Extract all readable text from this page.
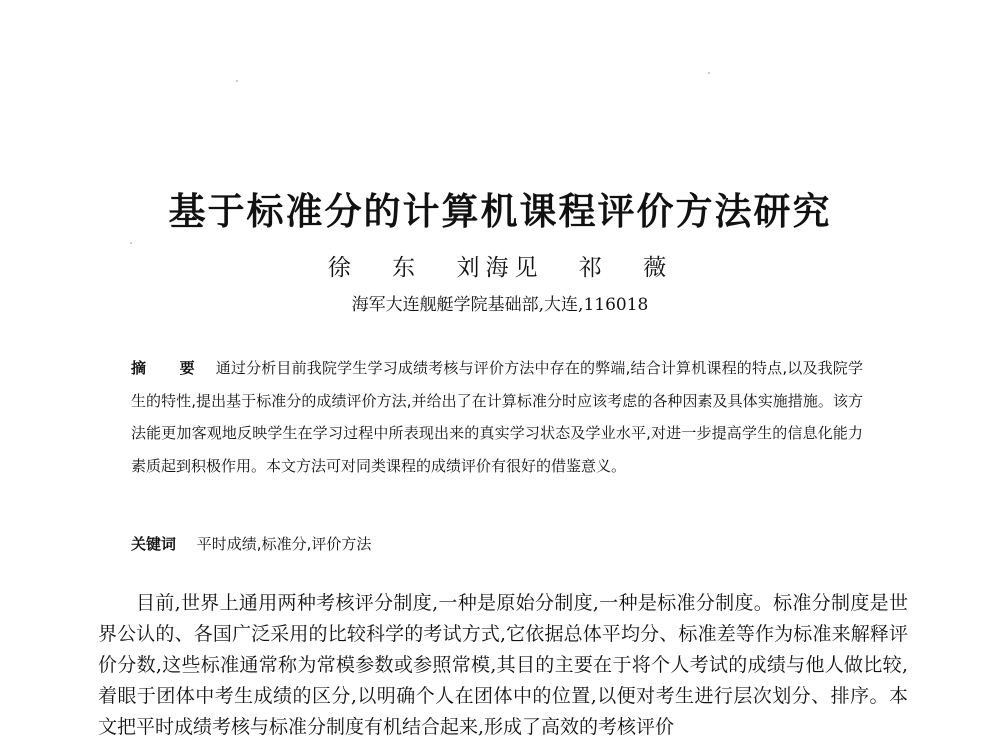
基于标准分的计算机课程评价方法研究
徐 东 刘海见 祁 薇
海军大连舰艇学院基础部,大连,116018
摘 要 通过分析目前我院学生学习成绩考核与评价方法中存在的弊端,结合计算机课程的特点,以及我院学生的特性,提出基于标准分的成绩评价方法,并给出了在计算标准分时应该考虑的各种因素及具体实施措施。该方法能更加客观地反映学生在学习过程中所表现出来的真实学习状态及学业水平,对进一步提高学生的信息化能力素质起到积极作用。本文方法可对同类课程的成绩评价有很好的借鉴意义。
关键词 平时成绩,标准分,评价方法

目前,世界上通用两种考核评分制度,一种是原始分制度,一种是标准分制度。标准分制度是世界公认的、各国广泛采用的比较科学的考试方式,它依据总体平均分、标准差等作为标准来解释评价分数,这些标准通常称为常模参数或参照常模,其目的主要在于将个人考试的成绩与他人做比较,着眼于团体中考生成绩的区分,以明确个人在团体中的位置,以便对考生进行层次划分、排序。本文把平时成绩考核与标准分制度有机结合起来,形成了高效的考核评价
